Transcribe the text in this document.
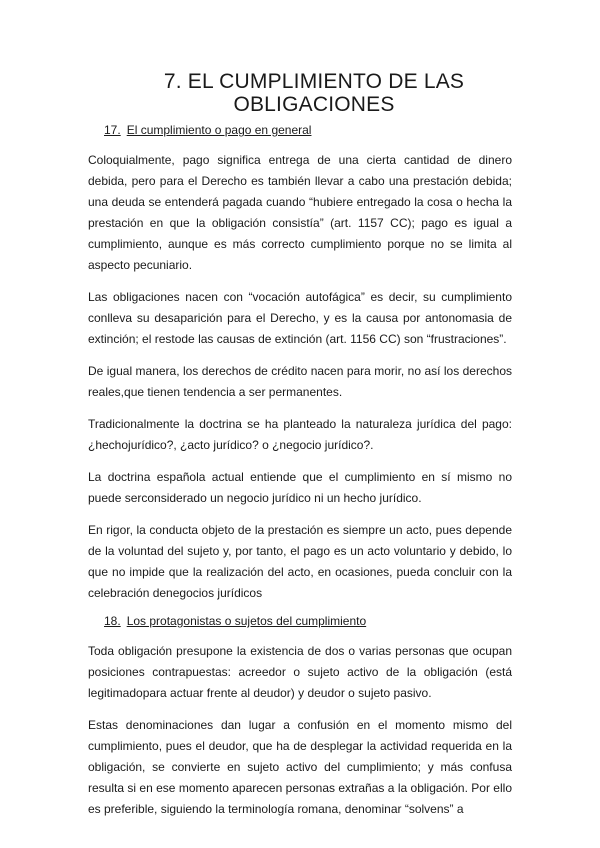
7. EL CUMPLIMIENTO DE LAS
OBLIGACIONES
17. El cumplimiento o pago en general

Coloquialmente, pago significa entrega de una cierta cantidad de dinero debida, pero para el Derecho es también llevar a cabo una prestación debida; una deuda se entenderá pagada cuando “hubiere entregado la cosa o hecha la prestación en que la obligación consistía” (art. 1157 CC); pago es igual a cumplimiento, aunque es más correcto cumplimiento porque no se limita al aspecto pecuniario.

Las obligaciones nacen con “vocación autofágica” es decir, su cumplimiento conlleva su desaparición para el Derecho, y es la causa por antonomasia de extinción; el restode las causas de extinción (art. 1156 CC) son “frustraciones”.

De igual manera, los derechos de crédito nacen para morir, no así los derechos reales,que tienen tendencia a ser permanentes.

Tradicionalmente la doctrina se ha planteado la naturaleza jurídica del pago: ¿hechojurídico?, ¿acto jurídico? o ¿negocio jurídico?.

La doctrina española actual entiende que el cumplimiento en sí mismo no puede serconsiderado un negocio jurídico ni un hecho jurídico.

En rigor, la conducta objeto de la prestación es siempre un acto, pues depende de la voluntad del sujeto y, por tanto, el pago es un acto voluntario y debido, lo que no impide que la realización del acto, en ocasiones, pueda concluir con la celebración denegocios jurídicos

18. Los protagonistas o sujetos del cumplimiento

Toda obligación presupone la existencia de dos o varias personas que ocupan posiciones contrapuestas: acreedor o sujeto activo de la obligación (está legitimadopara actuar frente al deudor) y deudor o sujeto pasivo.

Estas denominaciones dan lugar a confusión en el momento mismo del cumplimiento, pues el deudor, que ha de desplegar la actividad requerida en la obligación, se convierte en sujeto activo del cumplimiento; y más confusa resulta si en ese momento aparecen personas extrañas a la obligación. Por ello es preferible, siguiendo la terminología romana, denominar “solvens” a
